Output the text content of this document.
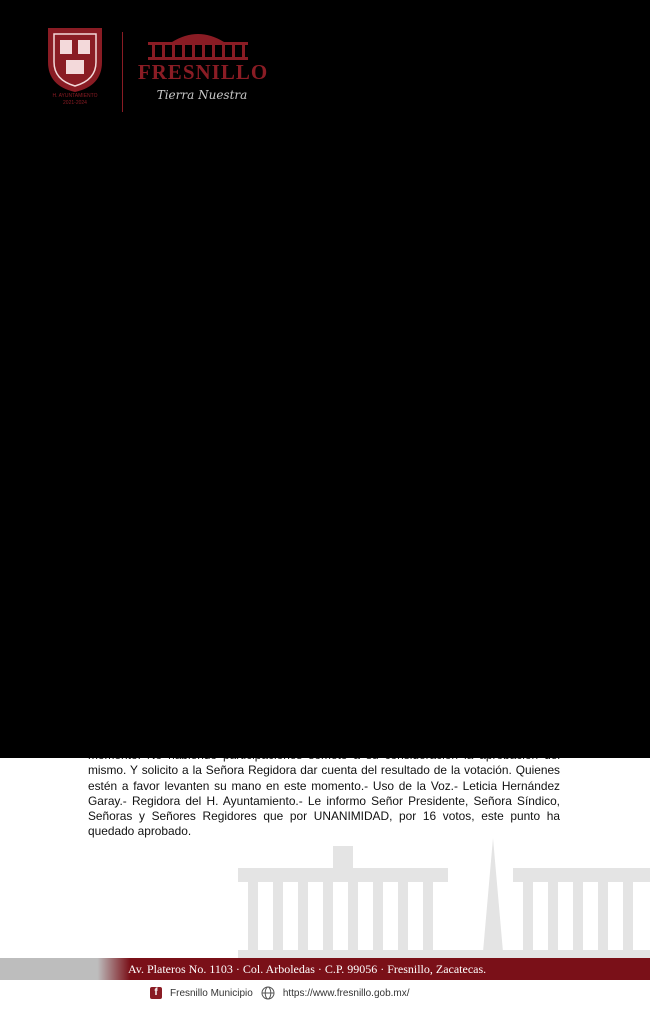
mismo. Y solicito a la Señora Regidora dar cuenta del resultado de la votación. Quienes estén a favor levanten su mano en este momento.- Uso de la Voz.- Leticia Hernández Garay.- Regidora del H. Ayuntamiento.- Le informo Señor Presidente, Señora Síndico, Señoras y Señores Regidores que por UNANIMIDAD, por 16 votos, este punto ha quedado aprobado.

H. AYUNTAMIENTO
2021-2024
FRESNILLO
Tierra Nuestra
Av. Plateros No. 1103 · Col. Arboledas · C.P. 99056 · Fresnillo, Zacatecas.
f	Fresnillo Municipio	https://www.fresnillo.gob.mx/
